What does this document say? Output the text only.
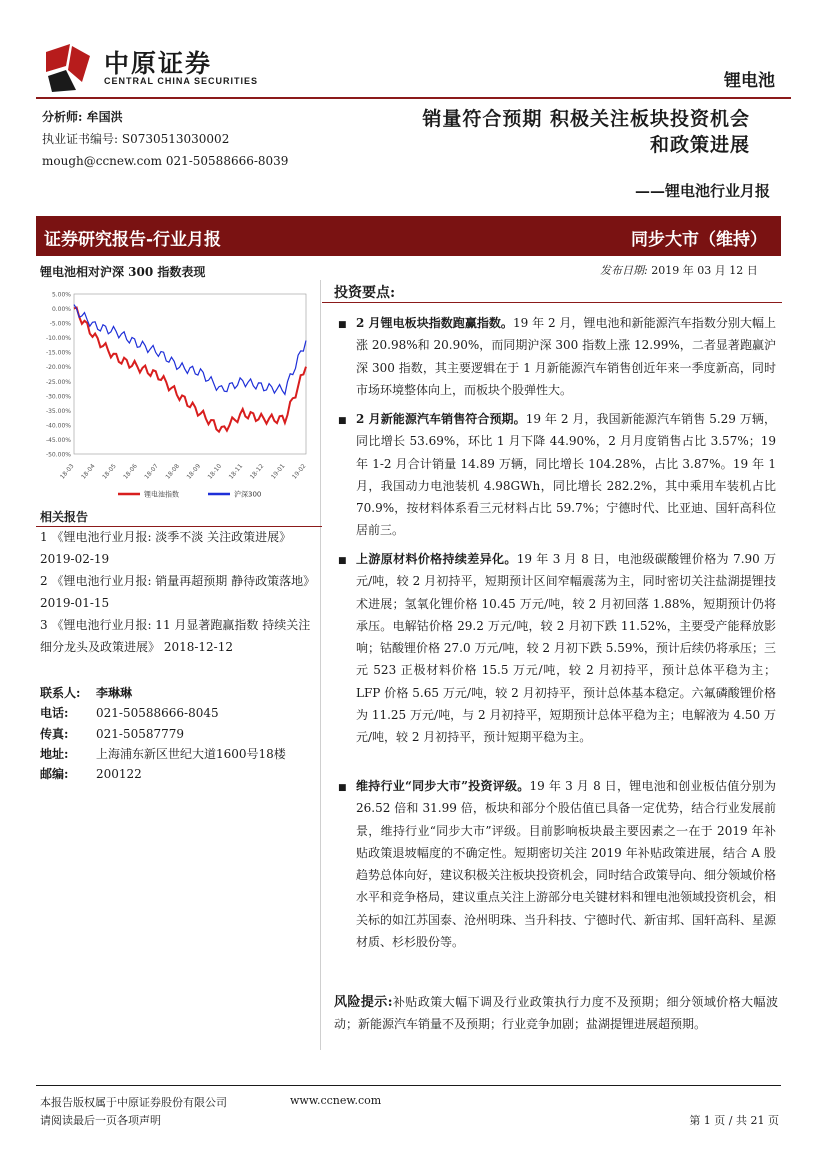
中原证券
CENTRAL CHINA SECURITIES	锂电池
分析师: 牟国洪
执业证书编号: S0730513030002
mough@ccnew.com 021-50588666-8039
销量符合预期 积极关注板块投资机会
和政策进展
——锂电池行业月报
证券研究报告-行业月报	同步大市（维持）
锂电池相对沪深 300 指数表现
5.00%
0.00%
-5.00%
-10.00%
-15.00%
-20.00%
-25.00%
-30.00%
-35.00%
-40.00%
-45.00%
-50.00%
18-03 18-04 18-05 18-06 18-07 18-08 18-09 18-10 18-11 18-12 19-01 19-02
锂电池指数	沪深300
发布日期: 2019 年 03 月 12 日
投资要点:
■ 2 月锂电板块指数跑赢指数。19 年 2 月，锂电池和新能源汽车指数分别大幅上涨 20.98%和 20.90%，而同期沪深 300 指数上涨 12.99%，二者显著跑赢沪深 300 指数，其主要逻辑在于 1 月新能源汽车销售创近年来一季度新高，同时市场环境整体向上，而板块个股弹性大。
■ 2 月新能源汽车销售符合预期。19 年 2 月，我国新能源汽车销售 5.29 万辆，同比增长 53.69%，环比 1 月下降 44.90%，2 月月度销售占比 3.57%；19 年 1-2 月合计销量 14.89 万辆，同比增长 104.28%，占比 3.87%。19 年 1 月，我国动力电池装机 4.98GWh，同比增长 282.2%，其中乘用车装机占比 70.9%，按材料体系看三元材料占比 59.7%；宁德时代、比亚迪、国轩高科位居前三。
■ 上游原材料价格持续差异化。19 年 3 月 8 日，电池级碳酸锂价格为 7.90 万元/吨，较 2 月初持平，短期预计区间窄幅震荡为主，同时密切关注盐湖提锂技术进展；氢氧化锂价格 10.45 万元/吨，较 2 月初回落 1.88%，短期预计仍将承压。电解钴价格 29.2 万元/吨，较 2 月初下跌 11.52%，主要受产能释放影响；钴酸锂价格 27.0 万元/吨，较 2 月初下跌 5.59%，预计后续仍将承压；三元 523 正极材料价格 15.5 万元/吨，较 2 月初持平，预计总体平稳为主；LFP 价格 5.65 万元/吨，较 2 月初持平，预计总体基本稳定。六氟磷酸锂价格为 11.25 万元/吨，与 2 月初持平，短期预计总体平稳为主；电解液为 4.50 万元/吨，较 2 月初持平，预计短期平稳为主。
■ 维持行业“同步大市”投资评级。19 年 3 月 8 日，锂电池和创业板估值分别为 26.52 倍和 31.99 倍，板块和部分个股估值已具备一定优势，结合行业发展前景，维持行业“同步大市”评级。目前影响板块最主要因素之一在于 2019 年补贴政策退坡幅度的不确定性。短期密切关注 2019 年补贴政策进展，结合 A 股趋势总体向好，建议积极关注板块投资机会，同时结合政策导向、细分领域价格水平和竞争格局，建议重点关注上游部分电关键材料和锂电池领域投资机会，相关标的如江苏国泰、沧州明珠、当升科技、宁德时代、新宙邦、国轩高科、星源材质、杉杉股份等。
相关报告
1 《锂电池行业月报: 淡季不淡 关注政策进展》 2019-02-19
2 《锂电池行业月报: 销量再超预期 静待政策落地》 2019-01-15
3 《锂电池行业月报: 11 月显著跑赢指数 持续关注细分龙头及政策进展》 2018-12-12
联系人: 李琳琳
电话: 021-50588666-8045
传真: 021-50587779
地址: 上海浦东新区世纪大道1600号18楼
邮编: 200122
风险提示:补贴政策大幅下调及行业政策执行力度不及预期；细分领域价格大幅波动；新能源汽车销量不及预期；行业竞争加剧；盐湖提锂进展超预期。
本报告版权属于中原证券股份有限公司	www.ccnew.com
请阅读最后一页各项声明	第 1 页 / 共 21 页
